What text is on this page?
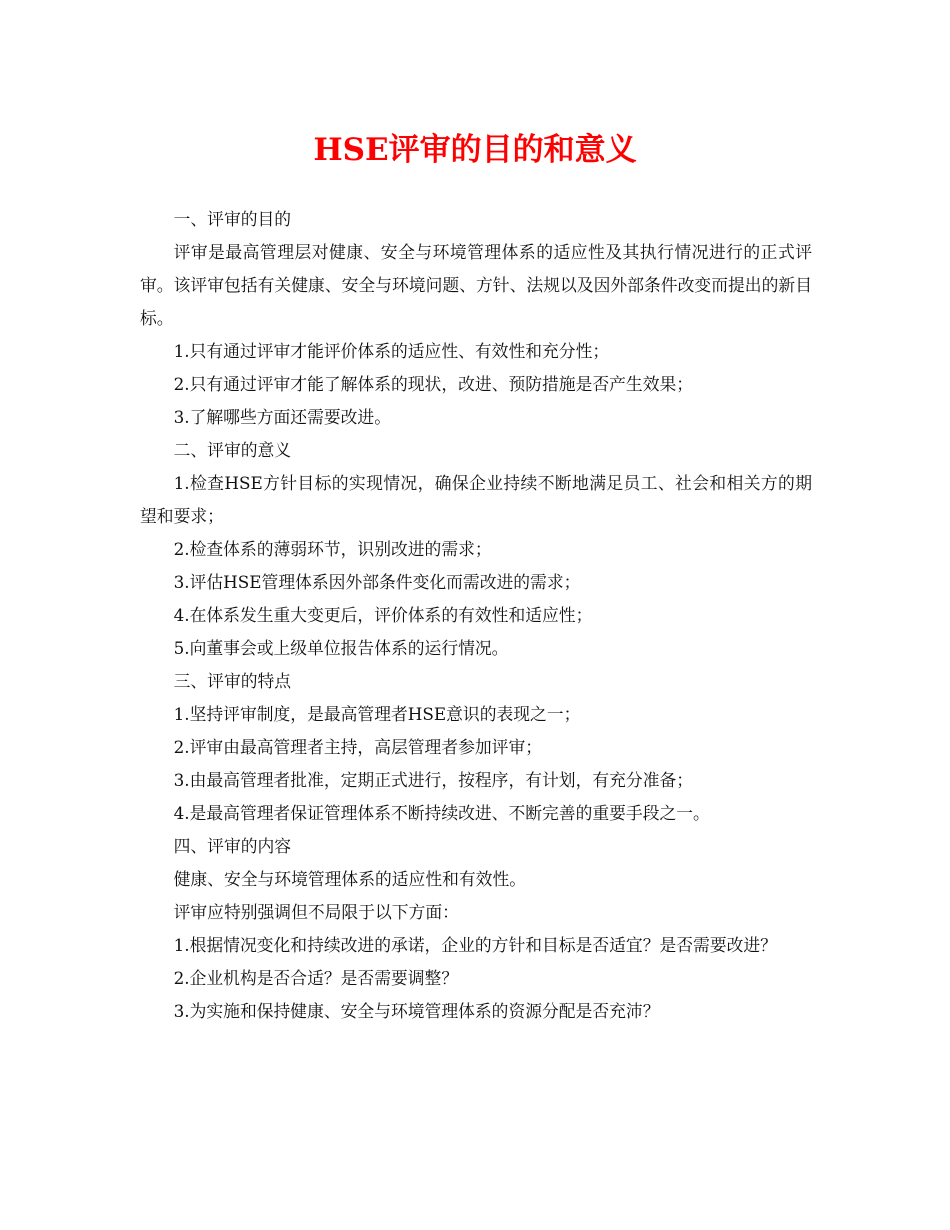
HSE评审的目的和意义

一、评审的目的

评审是最高管理层对健康、安全与环境管理体系的适应性及其执行情况进行的正式评审。该评审包括有关健康、安全与环境问题、方针、法规以及因外部条件改变而提出的新目标。

1.只有通过评审才能评价体系的适应性、有效性和充分性；

2.只有通过评审才能了解体系的现状，改进、预防措施是否产生效果；

3.了解哪些方面还需要改进。

二、评审的意义

1.检查HSE方针目标的实现情况，确保企业持续不断地满足员工、社会和相关方的期望和要求；

2.检查体系的薄弱环节，识别改进的需求；

3.评估HSE管理体系因外部条件变化而需改进的需求；

4.在体系发生重大变更后，评价体系的有效性和适应性；

5.向董事会或上级单位报告体系的运行情况。

三、评审的特点

1.坚持评审制度，是最高管理者HSE意识的表现之一；

2.评审由最高管理者主持，高层管理者参加评审；

3.由最高管理者批准，定期正式进行，按程序，有计划，有充分准备；

4.是最高管理者保证管理体系不断持续改进、不断完善的重要手段之一。

四、评审的内容

健康、安全与环境管理体系的适应性和有效性。

评审应特别强调但不局限于以下方面：

1.根据情况变化和持续改进的承诺，企业的方针和目标是否适宜？是否需要改进？

2.企业机构是否合适？是否需要调整？

3.为实施和保持健康、安全与环境管理体系的资源分配是否充沛？
